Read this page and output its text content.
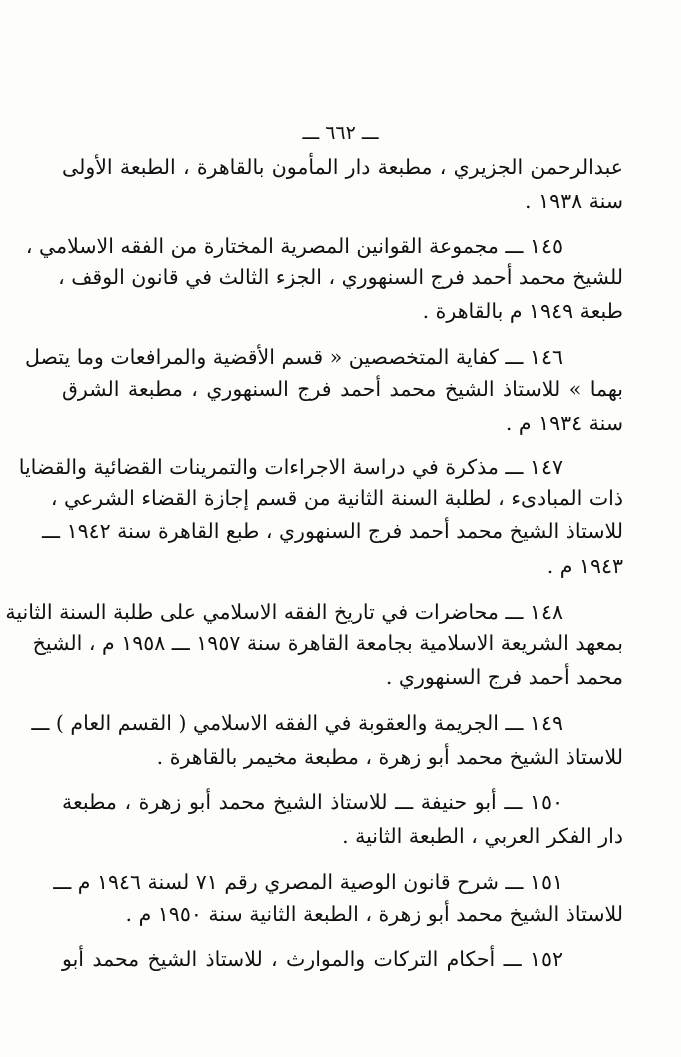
ـــ ٦٦٢ ـــ
عبدالرحمن الجزيري ، مطبعة دار المأمون بالقاهرة ، الطبعة الأولى
سنة ١٩٣٨ .
١٤٥ ـــ مجموعة القوانين المصرية المختارة من الفقه الاسلامي ،
للشيخ محمد أحمد فرج السنهوري ، الجزء الثالث في قانون الوقف ،
طبعة ١٩٤٩ م بالقاهرة .
١٤٦ ـــ كفاية المتخصصين « قسم الأقضية والمرافعات وما يتصل
بهما » للاستاذ الشيخ محمد أحمد فرج السنهوري ، مطبعة الشرق
سنة ١٩٣٤ م .
١٤٧ ـــ مذكرة في دراسة الاجراءات والتمرينات القضائية والقضايا
ذات المبادىء ، لطلبة السنة الثانية من قسم إجازة القضاء الشرعي ،
للاستاذ الشيخ محمد أحمد فرج السنهوري ، طبع القاهرة سنة ١٩٤٢ ـــ
١٩٤٣ م .
١٤٨ ـــ محاضرات في تاريخ الفقه الاسلامي على طلبة السنة الثانية
بمعهد الشريعة الاسلامية بجامعة القاهرة سنة ١٩٥٧ ـــ ١٩٥٨ م ، الشيخ
محمد أحمد فرج السنهوري .
١٤٩ ـــ الجريمة والعقوبة في الفقه الاسلامي ( القسم العام ) ـــ
للاستاذ الشيخ محمد أبو زهرة ، مطبعة مخيمر بالقاهرة .
١٥٠ ـــ أبو حنيفة ـــ للاستاذ الشيخ محمد أبو زهرة ، مطبعة
دار الفكر العربي ، الطبعة الثانية .
١٥١ ـــ شرح قانون الوصية المصري رقم ٧١ لسنة ١٩٤٦ م ـــ
للاستاذ الشيخ محمد أبو زهرة ، الطبعة الثانية سنة ١٩٥٠ م .
١٥٢ ـــ أحكام التركات والموارث ، للاستاذ الشيخ محمد أبو
